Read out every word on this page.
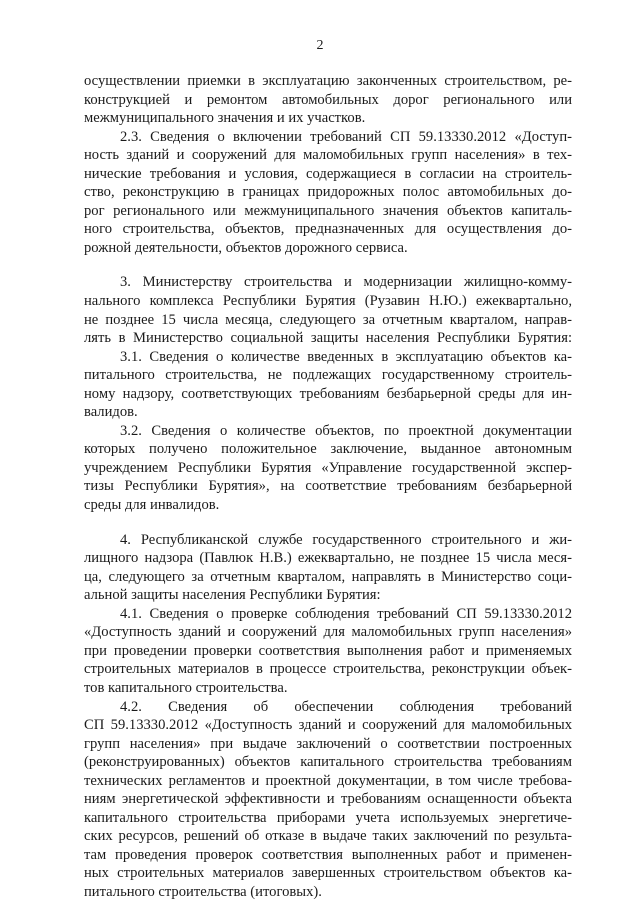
2
осуществлении приемки в эксплуатацию законченных строительством, ре-
конструкцией и ремонтом автомобильных дорог регионального или
межмуниципального значения и их участков.
2.3. Сведения о включении требований СП 59.13330.2012 «Доступ-
ность зданий и сооружений для маломобильных групп населения» в тех-
нические требования и условия, содержащиеся в согласии на строитель-
ство, реконструкцию в границах придорожных полос автомобильных до-
рог регионального или межмуниципального значения объектов капиталь-
ного строительства, объектов, предназначенных для осуществления до-
рожной деятельности, объектов дорожного сервиса.
3. Министерству строительства и модернизации жилищно-комму-
нального комплекса Республики Бурятия (Рузавин Н.Ю.) ежеквартально,
не позднее 15 числа месяца, следующего за отчетным кварталом, направ-
лять в Министерство социальной защиты населения Республики Бурятия:
3.1. Сведения о количестве введенных в эксплуатацию объектов ка-
питального строительства, не подлежащих государственному строитель-
ному надзору, соответствующих требованиям безбарьерной среды для ин-
валидов.
3.2. Сведения о количестве объектов, по проектной документации
которых получено положительное заключение, выданное автономным
учреждением Республики Бурятия «Управление государственной экспер-
тизы Республики Бурятия», на соответствие требованиям безбарьерной
среды для инвалидов.
4. Республиканской службе государственного строительного и жи-
лищного надзора (Павлюк Н.В.) ежеквартально, не позднее 15 числа меся-
ца, следующего за отчетным кварталом, направлять в Министерство соци-
альной защиты населения Республики Бурятия:
4.1. Сведения о проверке соблюдения требований СП 59.13330.2012
«Доступность зданий и сооружений для маломобильных групп населения»
при проведении проверки соответствия выполнения работ и применяемых
строительных материалов в процессе строительства, реконструкции объек-
тов капитального строительства.
4.2. Сведения об обеспечении соблюдения требований
СП 59.13330.2012 «Доступность зданий и сооружений для маломобильных
групп населения» при выдаче заключений о соответствии построенных
(реконструированных) объектов капитального строительства требованиям
технических регламентов и проектной документации, в том числе требова-
ниям энергетической эффективности и требованиям оснащенности объекта
капитального строительства приборами учета используемых энергетиче-
ских ресурсов, решений об отказе в выдаче таких заключений по результа-
там проведения проверок соответствия выполненных работ и применен-
ных строительных материалов завершенных строительством объектов ка-
питального строительства (итоговых).
